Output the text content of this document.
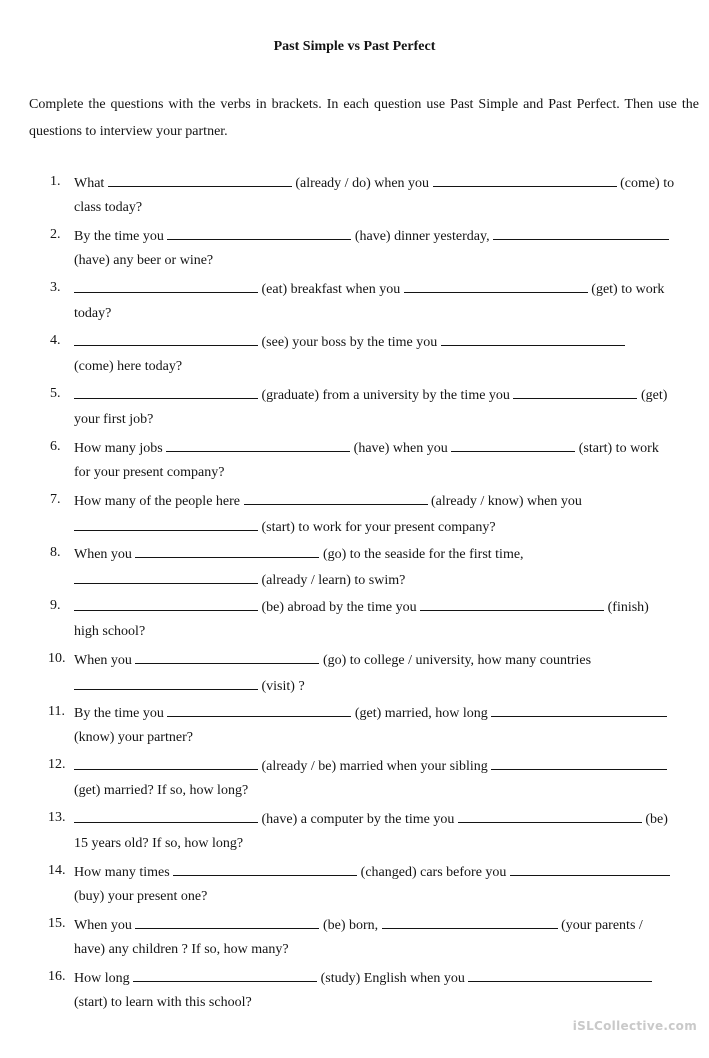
Past Simple vs Past Perfect
Complete the questions with the verbs in brackets. In each question use Past Simple and Past Perfect. Then use the questions to interview your partner.
1. What	(already / do) when you	(come) to
class today?
2. By the time you	(have) dinner yesterday,
(have) any beer or wine?
3.	(eat) breakfast when you	(get) to work
today?
4.	(see) your boss by the time you
(come) here today?
5.	(graduate) from a university by the time you	(get)
your first job?
6. How many jobs	(have) when you	(start) to work
for your present company?
7. How many of the people here	(already / know) when you
(start) to work for your present company?
8. When you	(go) to the seaside for the first time,
(already / learn) to swim?
9.	(be) abroad by the time you	(finish)
high school?
10. When you	(go) to college / university, how many countries
(visit) ?
11. By the time you	(get) married, how long
(know) your partner?
12.	(already / be) married when your sibling
(get) married? If so, how long?
13.	(have) a computer by the time you	(be)
15 years old? If so, how long?
14. How many times	(changed) cars before you
(buy) your present one?
15. When you	(be) born,	(your parents /
have) any children ? If so, how many?
16. How long	(study) English when you
(start) to learn with this school?
iSLCollective.com
